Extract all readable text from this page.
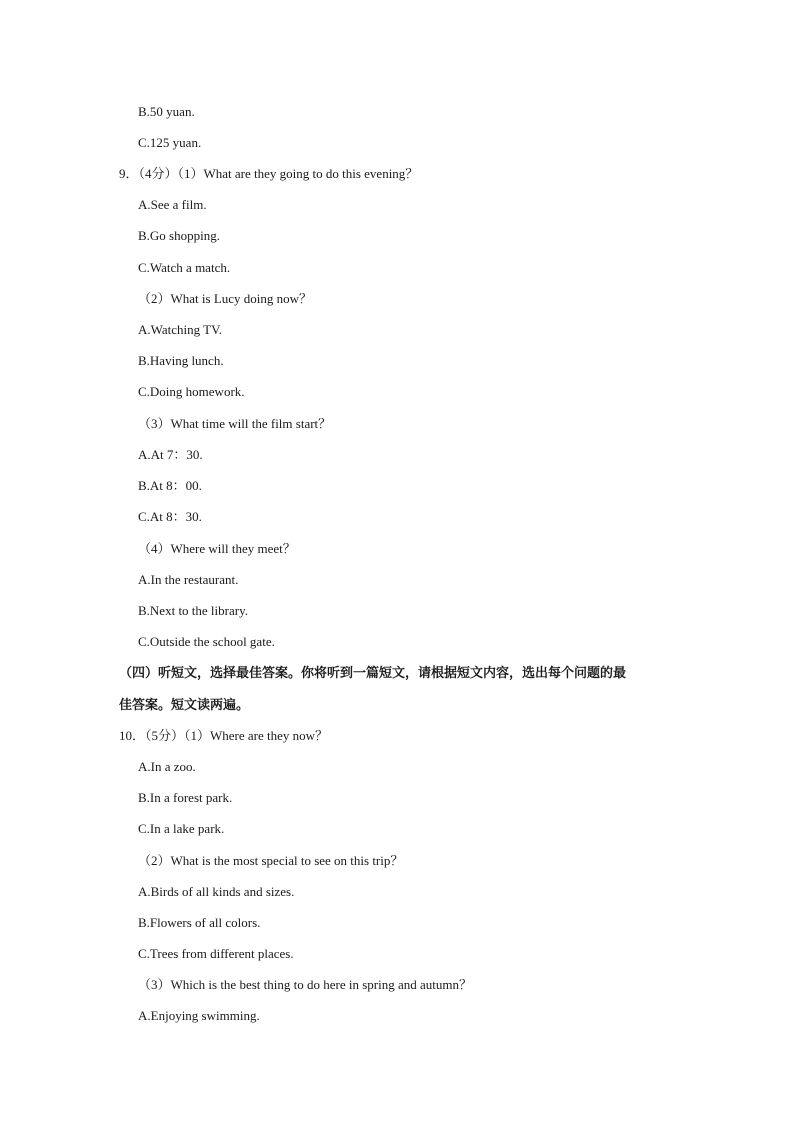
B.50 yuan.
C.125 yuan.
9．（4分）（1）What are they going to do this evening？
A.See a film.
B.Go shopping.
C.Watch a match.
（2）What is Lucy doing now？
A.Watching TV.
B.Having lunch.
C.Doing homework.
（3）What time will the film start？
A.At 7：30.
B.At 8：00.
C.At 8：30.
（4）Where will they meet？
A.In the restaurant.
B.Next to the library.
C.Outside the school gate.
（四）听短文，选择最佳答案。你将听到一篇短文，请根据短文内容，选出每个问题的最
佳答案。短文读两遍。
10．（5分）（1）Where are they now？
A.In a zoo.
B.In a forest park.
C.In a lake park.
（2）What is the most special to see on this trip？
A.Birds of all kinds and sizes.
B.Flowers of all colors.
C.Trees from different places.
（3）Which is the best thing to do here in spring and autumn？
A.Enjoying swimming.
